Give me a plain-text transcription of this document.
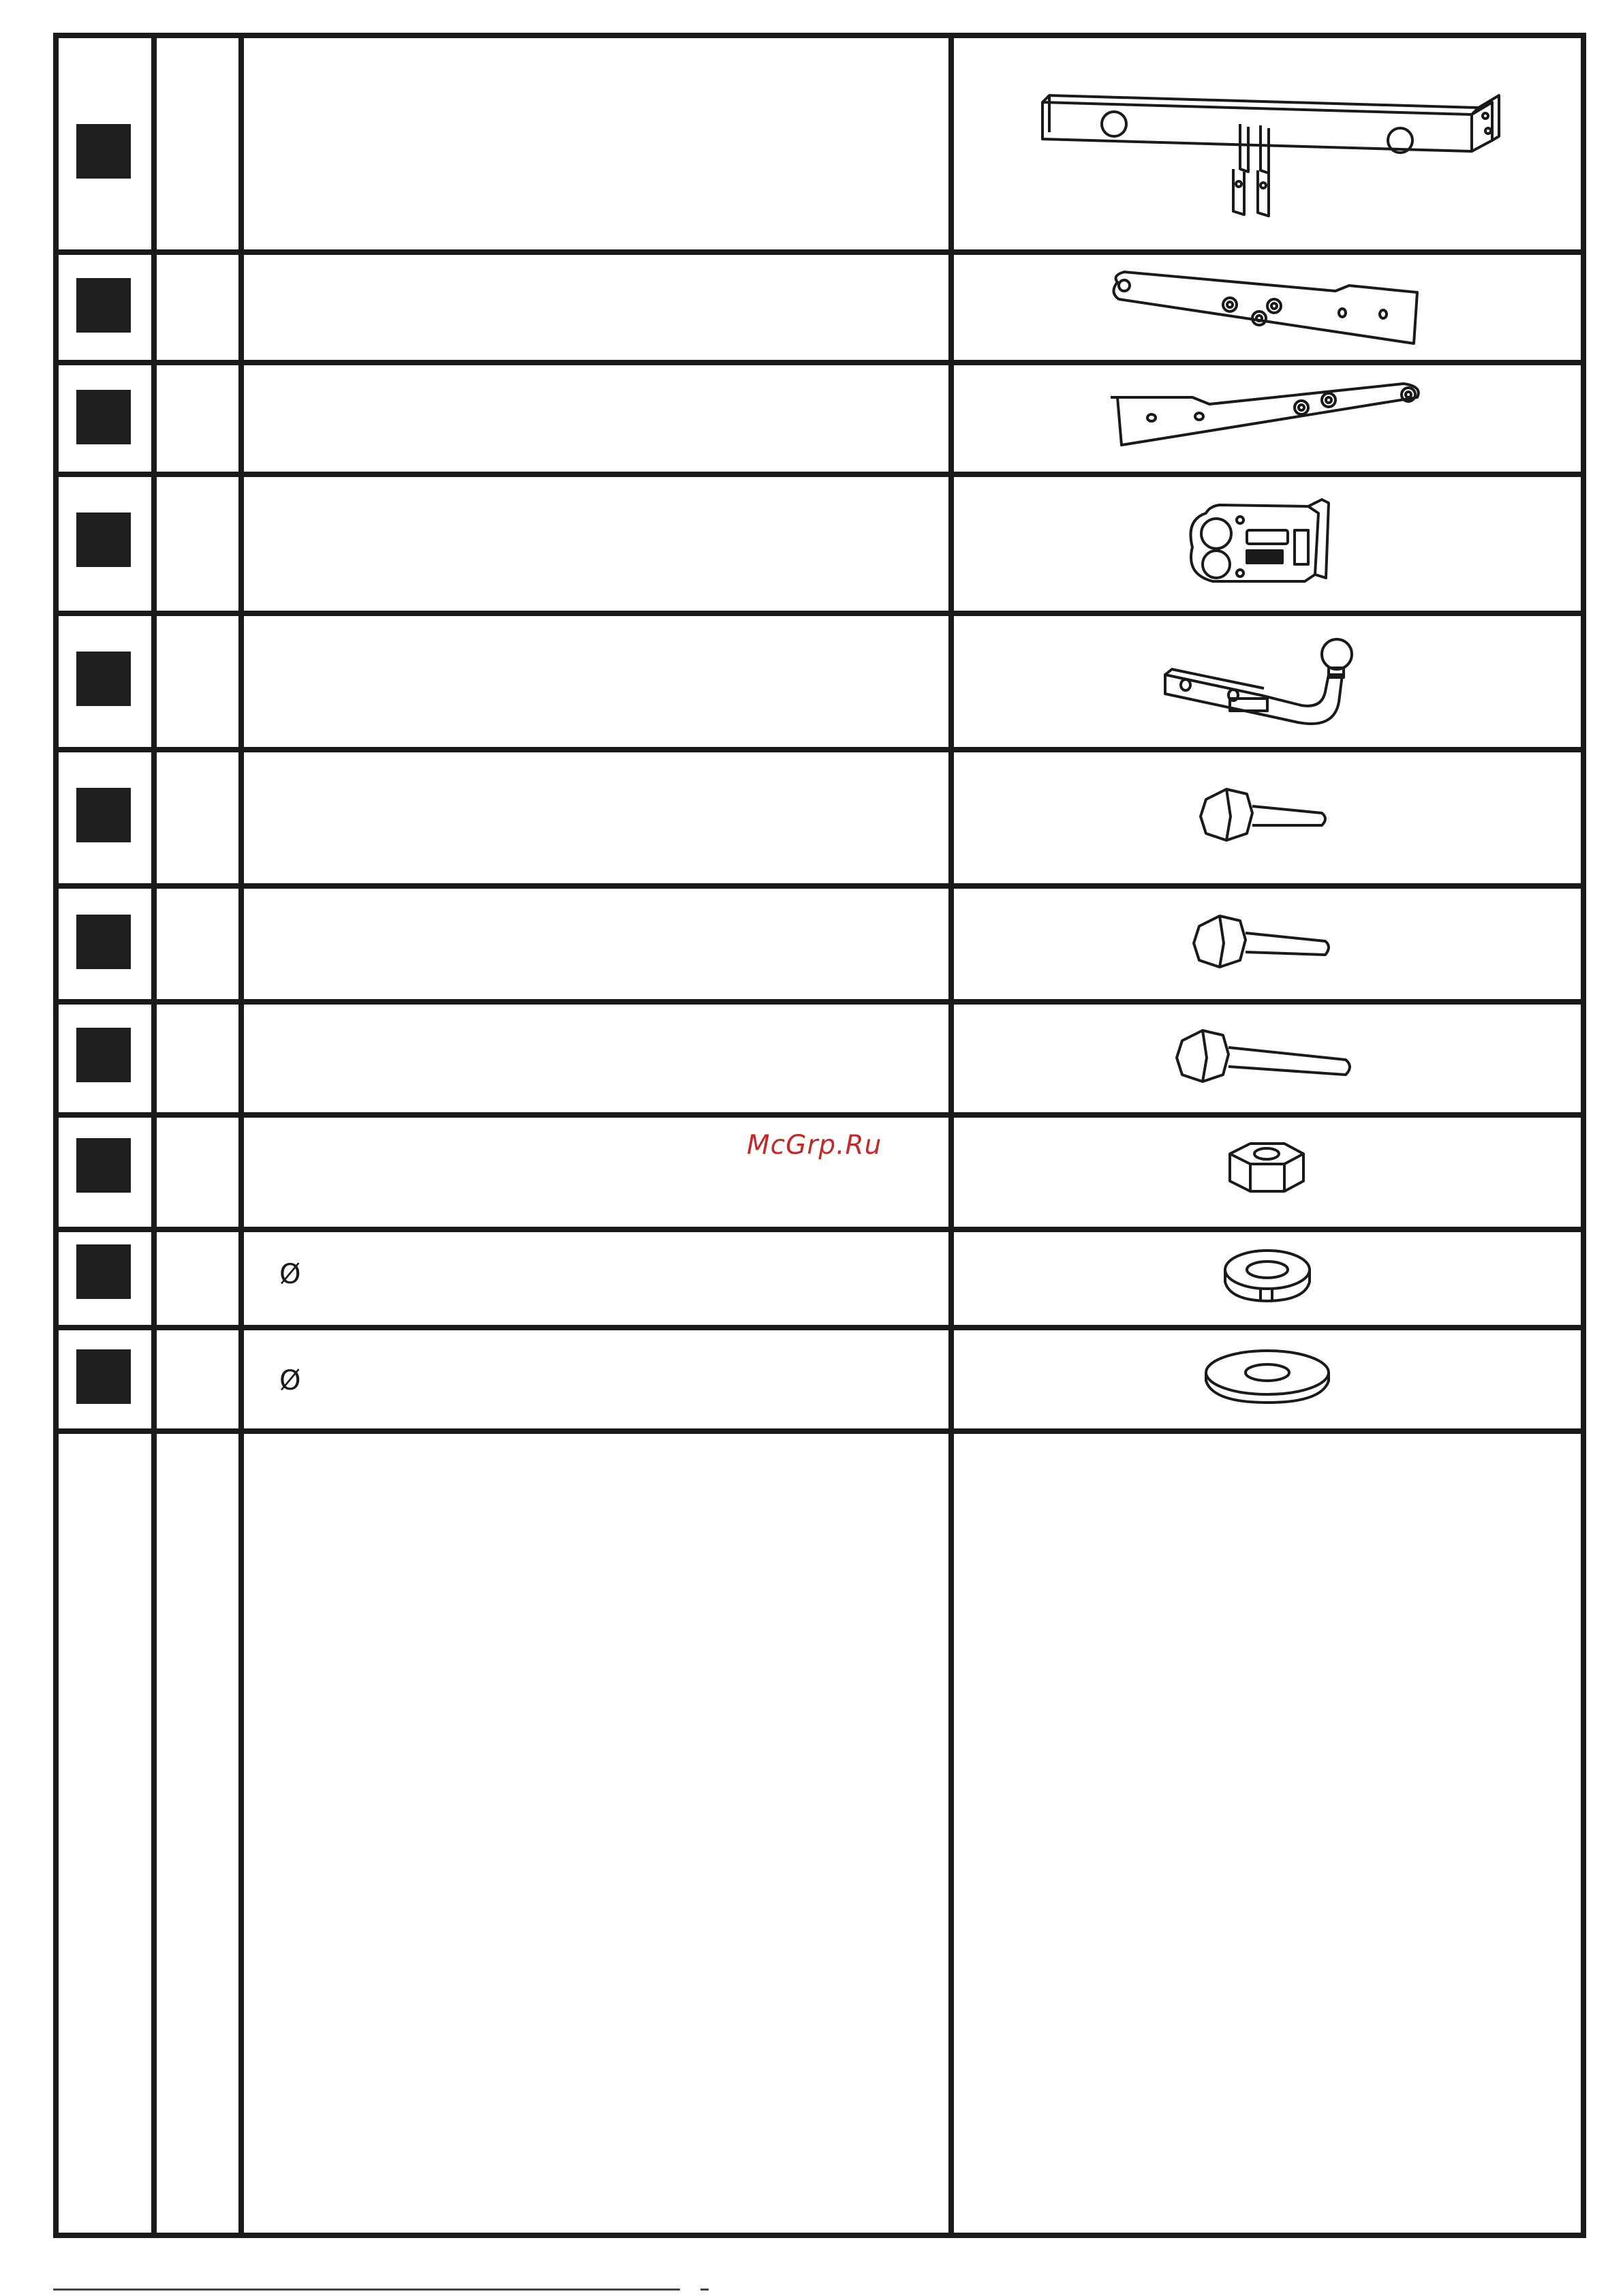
Ø
Ø
McGrp.Ru
